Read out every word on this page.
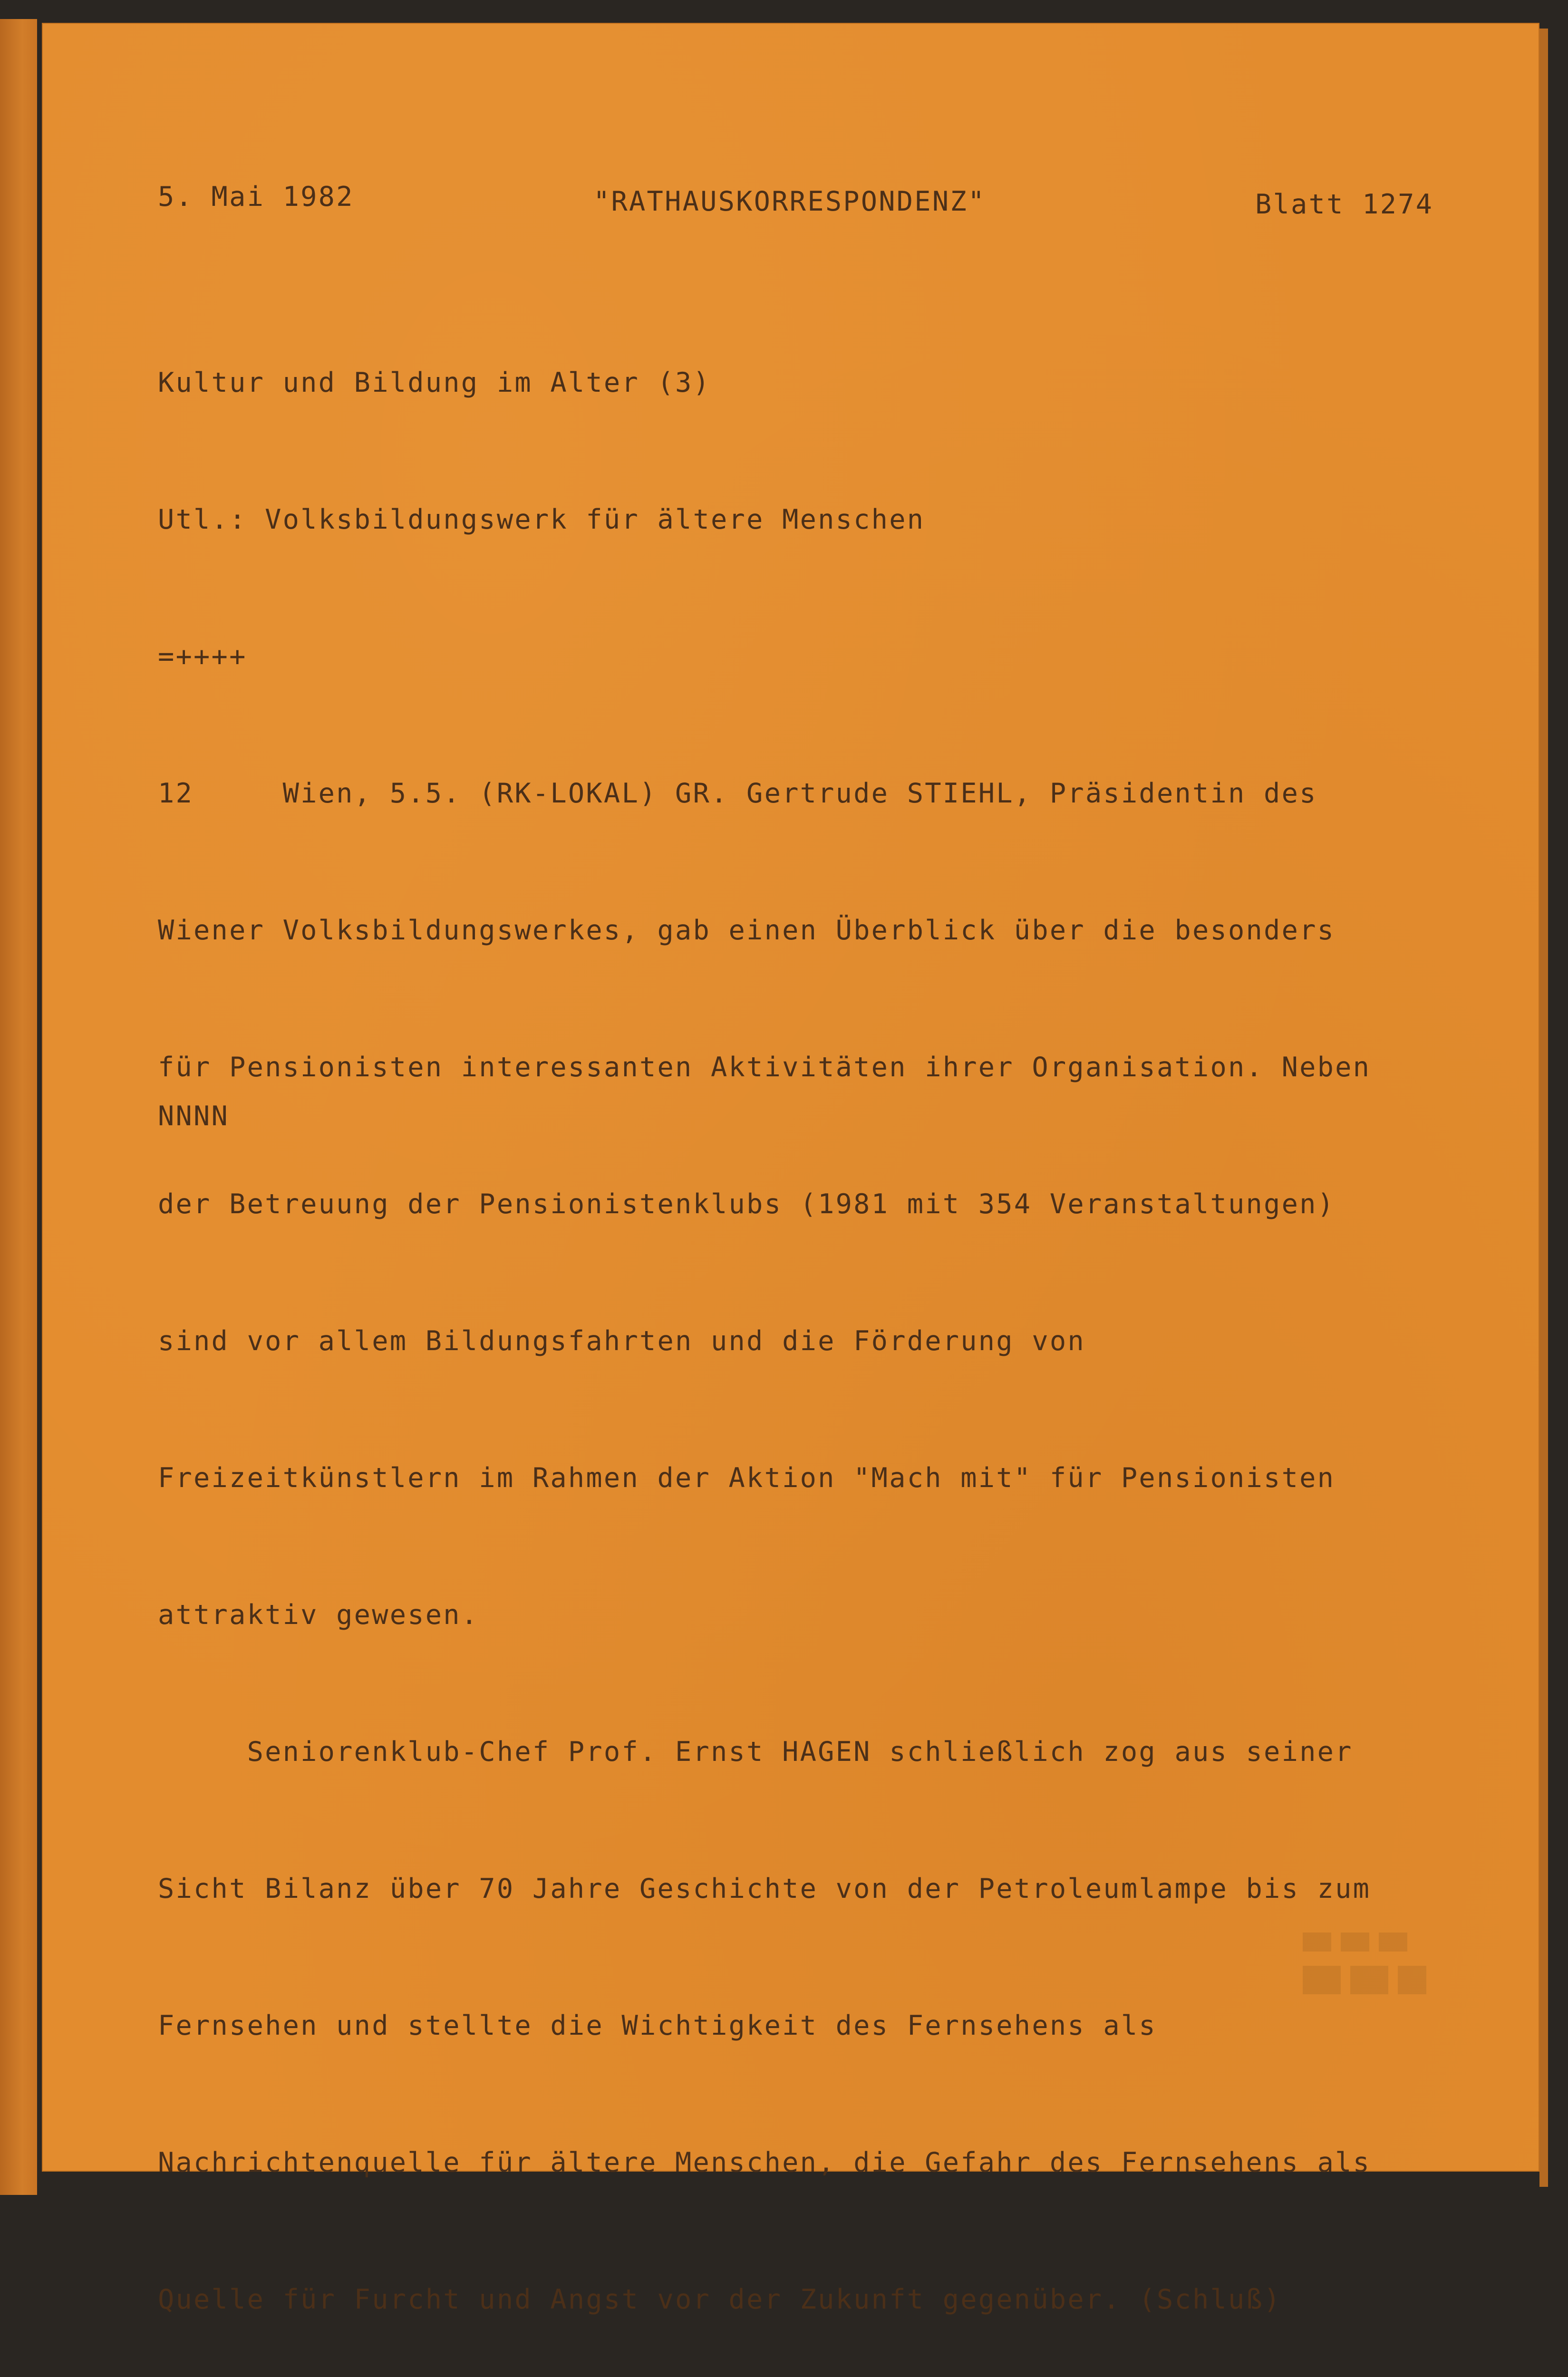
5. Mai 1982	"RATHAUSKORRESPONDENZ"	Blatt 1274

Kultur und Bildung im Alter (3)

Utl.: Volksbildungswerk für ältere Menschen

=++++

12     Wien, 5.5. (RK-LOKAL) GR. Gertrude STIEHL, Präsidentin des

Wiener Volksbildungswerkes, gab einen Überblick über die besonders

für Pensionisten interessanten Aktivitäten ihrer Organisation. Neben

der Betreuung der Pensionistenklubs (1981 mit 354 Veranstaltungen)

sind vor allem Bildungsfahrten und die Förderung von

Freizeitkünstlern im Rahmen der Aktion "Mach mit" für Pensionisten

attraktiv gewesen.

Seniorenklub-Chef Prof. Ernst HAGEN schließlich zog aus seiner

Sicht Bilanz über 70 Jahre Geschichte von der Petroleumlampe bis zum

Fernsehen und stellte die Wichtigkeit des Fernsehens als

Nachrichtenquelle für ältere Menschen, die Gefahr des Fernsehens als

Quelle für Furcht und Angst vor der Zukunft gegenüber. (Schluß)

NNNN
